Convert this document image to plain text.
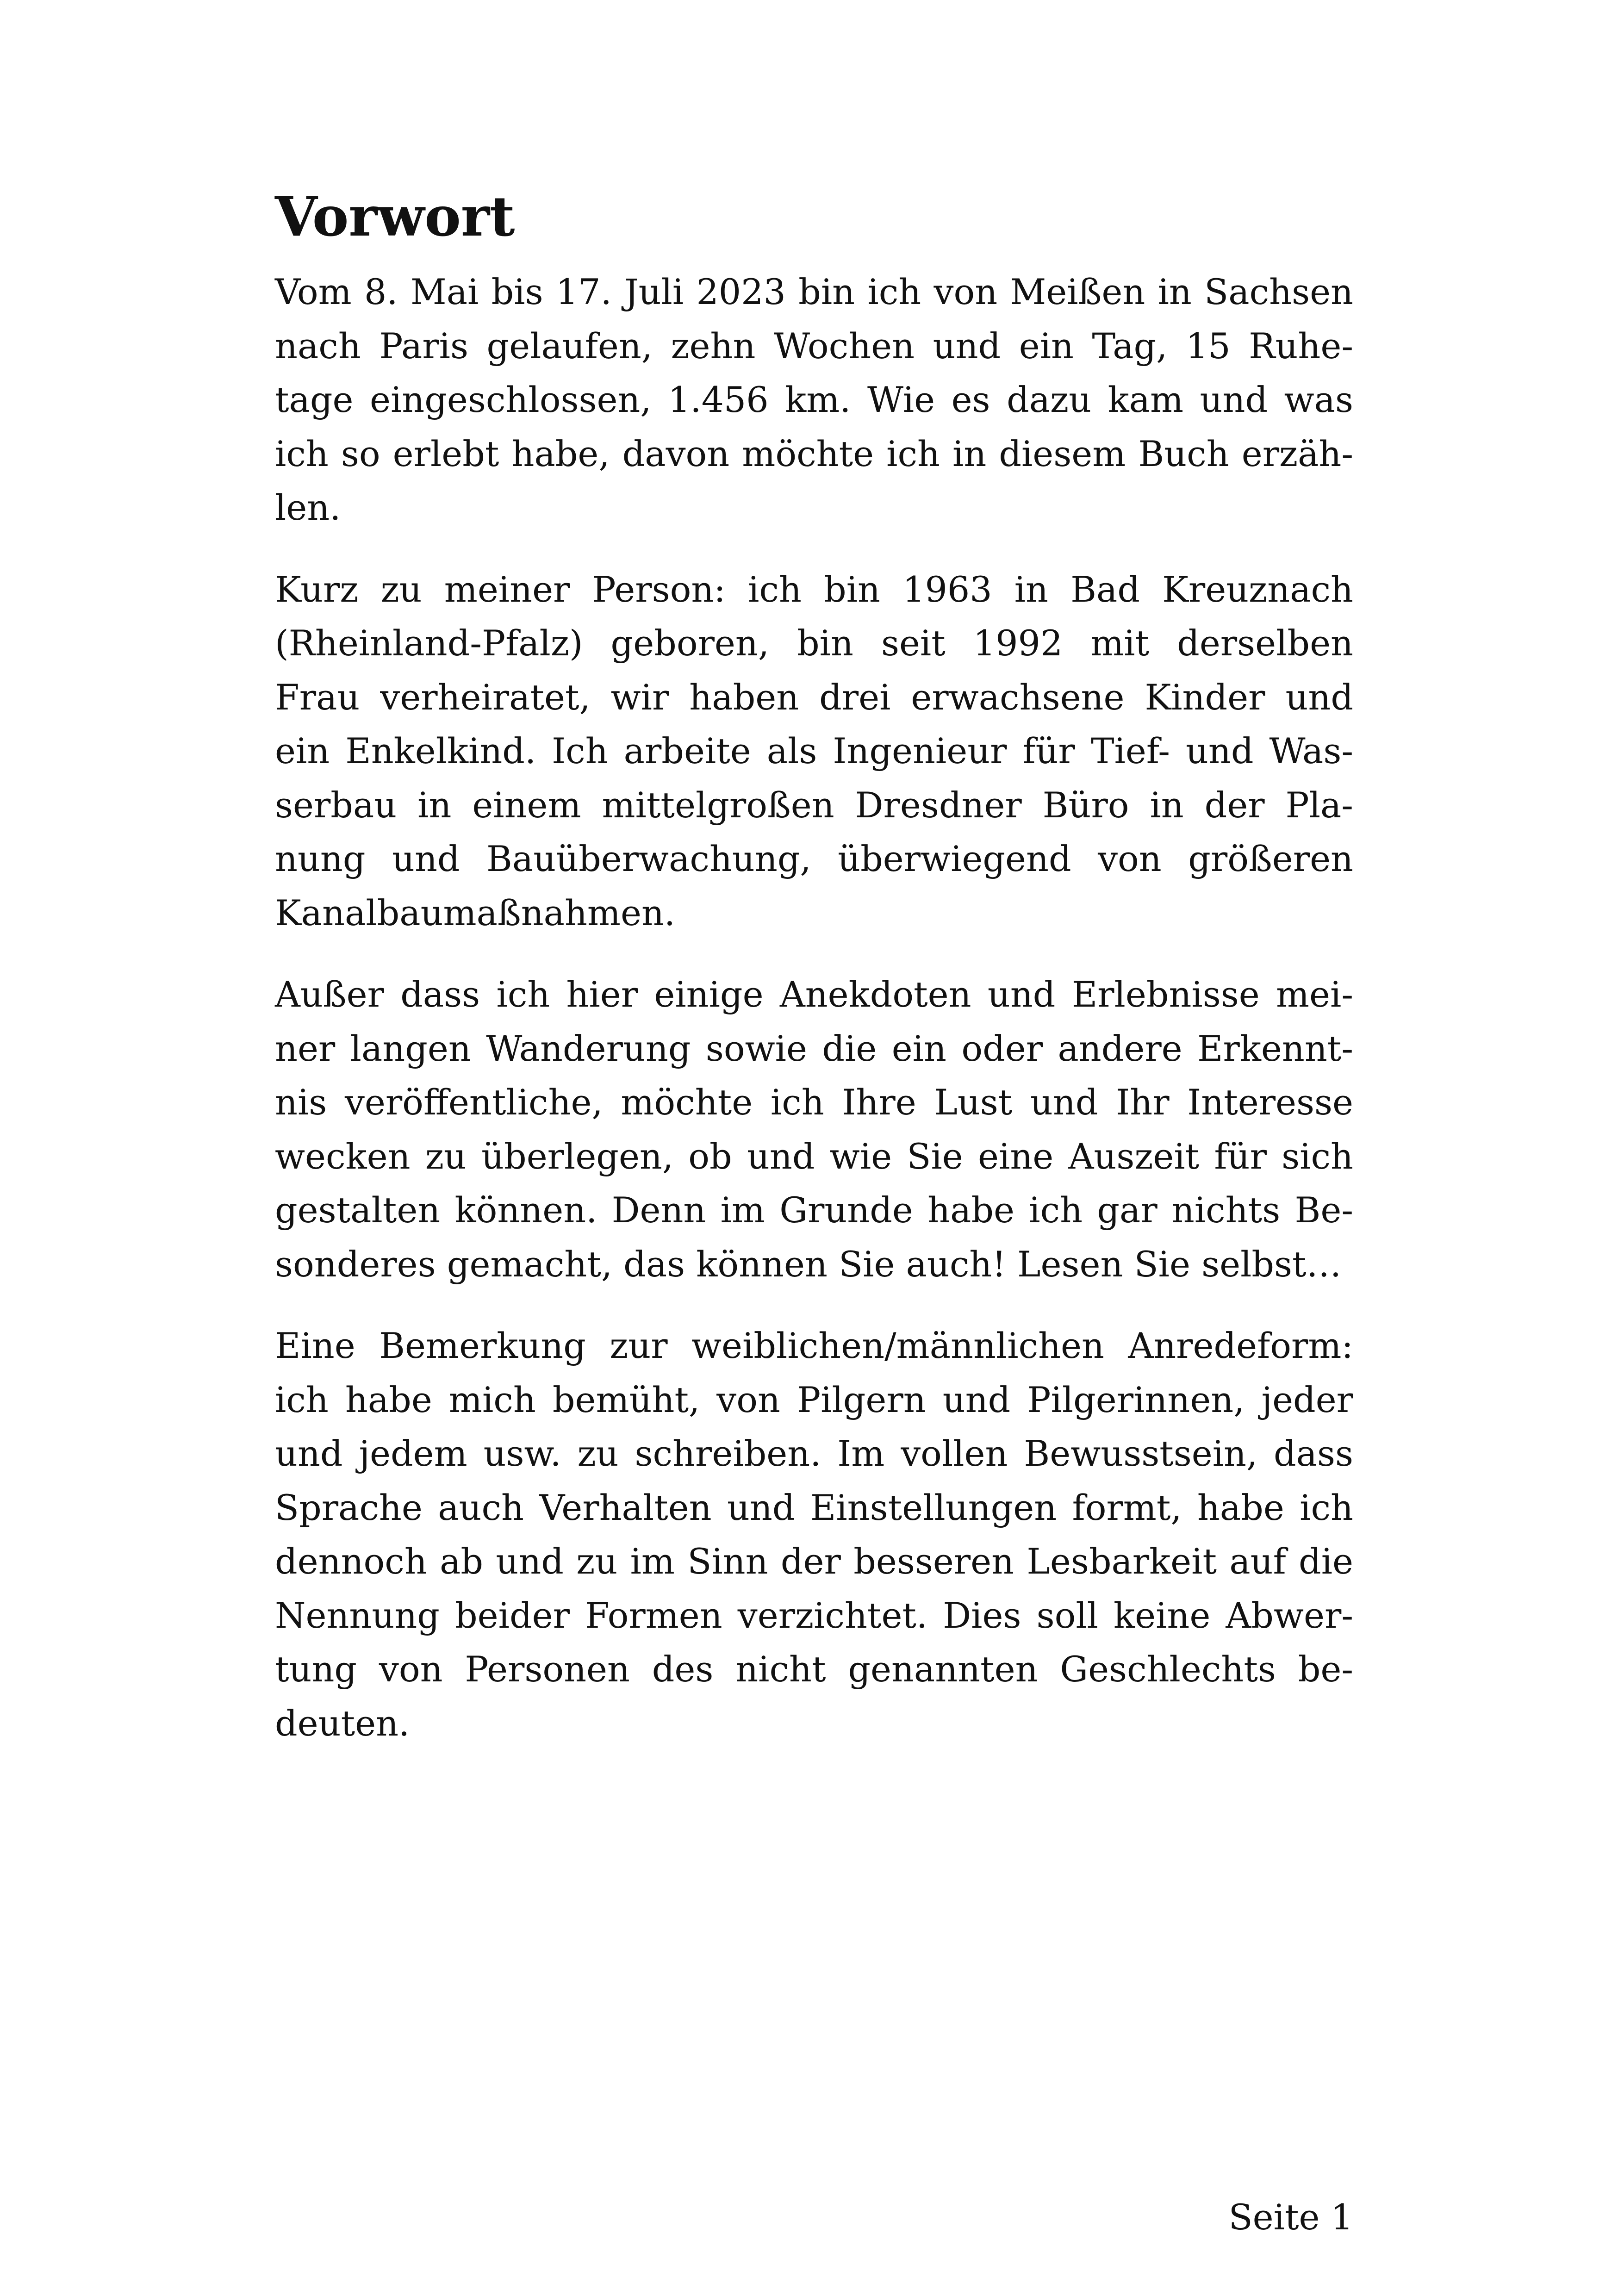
Vorwort

Vom 8. Mai bis 17. Juli 2023 bin ich von Meißen in Sachsen
nach Paris gelaufen, zehn Wochen und ein Tag, 15 Ruhe-
tage eingeschlossen, 1.456 km. Wie es dazu kam und was
ich so erlebt habe, davon möchte ich in diesem Buch erzäh-
len.

Kurz zu meiner Person: ich bin 1963 in Bad Kreuznach
(Rheinland-Pfalz) geboren, bin seit 1992 mit derselben
Frau verheiratet, wir haben drei erwachsene Kinder und
ein Enkelkind. Ich arbeite als Ingenieur für Tief- und Was-
serbau in einem mittelgroßen Dresdner Büro in der Pla-
nung und Bauüberwachung, überwiegend von größeren
Kanalbaumaßnahmen.

Außer dass ich hier einige Anekdoten und Erlebnisse mei-
ner langen Wanderung sowie die ein oder andere Erkennt-
nis veröffentliche, möchte ich Ihre Lust und Ihr Interesse
wecken zu überlegen, ob und wie Sie eine Auszeit für sich
gestalten können. Denn im Grunde habe ich gar nichts Be-
sonderes gemacht, das können Sie auch! Lesen Sie selbst…

Eine Bemerkung zur weiblichen/männlichen Anredeform:
ich habe mich bemüht, von Pilgern und Pilgerinnen, jeder
und jedem usw. zu schreiben. Im vollen Bewusstsein, dass
Sprache auch Verhalten und Einstellungen formt, habe ich
dennoch ab und zu im Sinn der besseren Lesbarkeit auf die
Nennung beider Formen verzichtet. Dies soll keine Abwer-
tung von Personen des nicht genannten Geschlechts be-
deuten.

Seite 1
